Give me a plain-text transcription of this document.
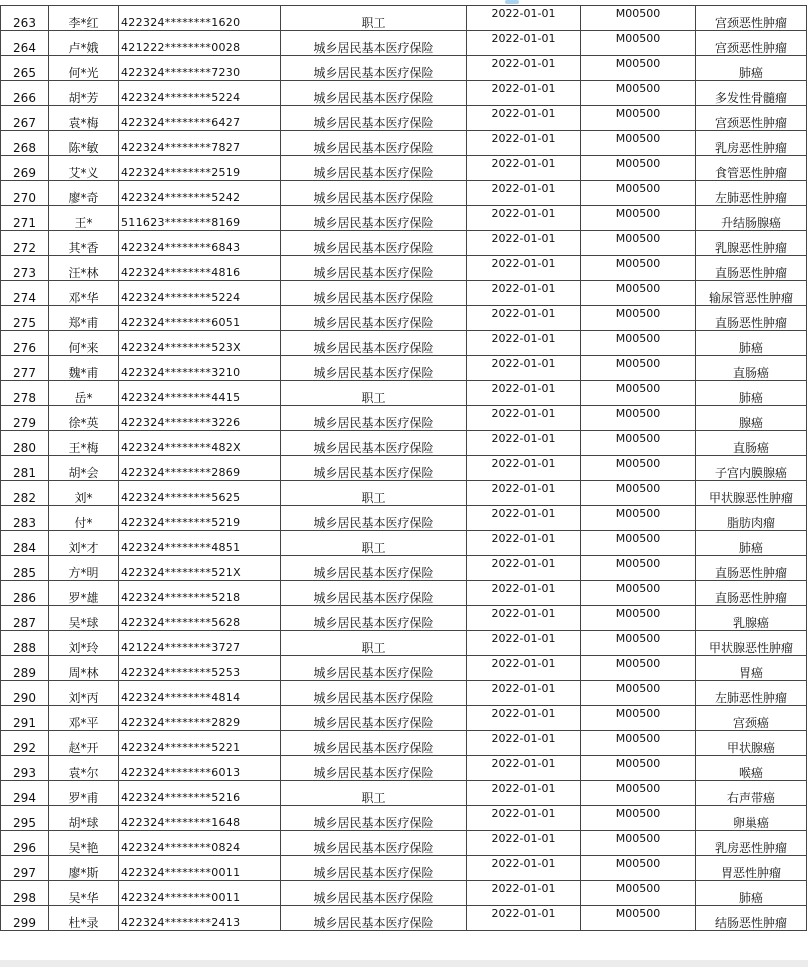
263	李*红	422324********1620	职工	2022-01-01	M00500	宫颈恶性肿瘤
264	卢*娥	421222********0028	城乡居民基本医疗保险	2022-01-01	M00500	宫颈恶性肿瘤
265	何*光	422324********7230	城乡居民基本医疗保险	2022-01-01	M00500	肺癌
266	胡*芳	422324********5224	城乡居民基本医疗保险	2022-01-01	M00500	多发性骨髓瘤
267	袁*梅	422324********6427	城乡居民基本医疗保险	2022-01-01	M00500	宫颈恶性肿瘤
268	陈*敏	422324********7827	城乡居民基本医疗保险	2022-01-01	M00500	乳房恶性肿瘤
269	艾*义	422324********2519	城乡居民基本医疗保险	2022-01-01	M00500	食管恶性肿瘤
270	廖*奇	422324********5242	城乡居民基本医疗保险	2022-01-01	M00500	左肺恶性肿瘤
271	王*	511623********8169	城乡居民基本医疗保险	2022-01-01	M00500	升结肠腺癌
272	其*香	422324********6843	城乡居民基本医疗保险	2022-01-01	M00500	乳腺恶性肿瘤
273	汪*林	422324********4816	城乡居民基本医疗保险	2022-01-01	M00500	直肠恶性肿瘤
274	邓*华	422324********5224	城乡居民基本医疗保险	2022-01-01	M00500	输尿管恶性肿瘤
275	郑*甫	422324********6051	城乡居民基本医疗保险	2022-01-01	M00500	直肠恶性肿瘤
276	何*来	422324********523X	城乡居民基本医疗保险	2022-01-01	M00500	肺癌
277	魏*甫	422324********3210	城乡居民基本医疗保险	2022-01-01	M00500	直肠癌
278	岳*	422324********4415	职工	2022-01-01	M00500	肺癌
279	徐*英	422324********3226	城乡居民基本医疗保险	2022-01-01	M00500	腺癌
280	王*梅	422324********482X	城乡居民基本医疗保险	2022-01-01	M00500	直肠癌
281	胡*会	422324********2869	城乡居民基本医疗保险	2022-01-01	M00500	子宫内膜腺癌
282	刘*	422324********5625	职工	2022-01-01	M00500	甲状腺恶性肿瘤
283	付*	422324********5219	城乡居民基本医疗保险	2022-01-01	M00500	脂肪肉瘤
284	刘*才	422324********4851	职工	2022-01-01	M00500	肺癌
285	方*明	422324********521X	城乡居民基本医疗保险	2022-01-01	M00500	直肠恶性肿瘤
286	罗*雄	422324********5218	城乡居民基本医疗保险	2022-01-01	M00500	直肠恶性肿瘤
287	吴*球	422324********5628	城乡居民基本医疗保险	2022-01-01	M00500	乳腺癌
288	刘*玲	421224********3727	职工	2022-01-01	M00500	甲状腺恶性肿瘤
289	周*林	422324********5253	城乡居民基本医疗保险	2022-01-01	M00500	胃癌
290	刘*丙	422324********4814	城乡居民基本医疗保险	2022-01-01	M00500	左肺恶性肿瘤
291	邓*平	422324********2829	城乡居民基本医疗保险	2022-01-01	M00500	宫颈癌
292	赵*开	422324********5221	城乡居民基本医疗保险	2022-01-01	M00500	甲状腺癌
293	袁*尔	422324********6013	城乡居民基本医疗保险	2022-01-01	M00500	喉癌
294	罗*甫	422324********5216	职工	2022-01-01	M00500	右声带癌
295	胡*球	422324********1648	城乡居民基本医疗保险	2022-01-01	M00500	卵巢癌
296	吴*艳	422324********0824	城乡居民基本医疗保险	2022-01-01	M00500	乳房恶性肿瘤
297	廖*斯	422324********0011	城乡居民基本医疗保险	2022-01-01	M00500	胃恶性肿瘤
298	吴*华	422324********0011	城乡居民基本医疗保险	2022-01-01	M00500	肺癌
299	杜*录	422324********2413	城乡居民基本医疗保险	2022-01-01	M00500	结肠恶性肿瘤
